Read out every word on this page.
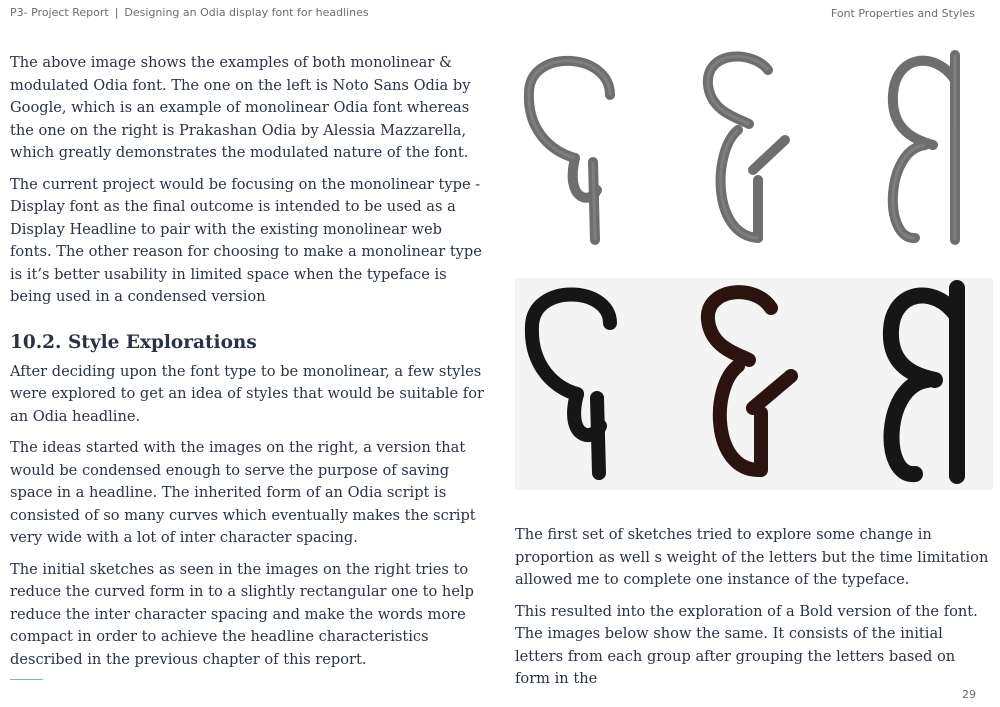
P3- Project Report | Designing an Odia display font for headlines	Font Properties and Styles

The above image shows the examples of both monolinear & modulated Odia font. The one on the left is Noto Sans Odia by Google, which is an example of monolinear Odia font whereas the one on the right is Prakashan Odia by Alessia Mazzarella, which greatly demonstrates the modulated nature of the font.

The current project would be focusing on the monolinear type - Display font as the final outcome is intended to be used as a Display Headline to pair with the existing monolinear web fonts. The other reason for choosing to make a monolinear type is it’s better usability in limited space when the typeface is being used in a condensed version

10.2. Style Explorations

After deciding upon the font type to be monolinear, a few styles were explored to get an idea of styles that would be suitable for an Odia headline.

The ideas started with the images on the right, a version that would be condensed enough to serve the purpose of saving space in a headline. The inherited form of an Odia script is consisted of so many curves which eventually makes the script very wide with a lot of inter character spacing.

The initial sketches as seen in the images on the right tries to reduce the curved form in to a slightly rectangular one to help reduce the inter character spacing and make the words more compact in order to achieve the headline characteristics described in the previous chapter of this report.

The first set of sketches tried to explore some change in proportion as well s weight of the letters but the time limitation allowed me to complete one instance of the typeface.

This resulted into the exploration of a Bold version of the font. The images below show the same. It consists of the initial letters from each group after grouping the letters based on form in the

29
